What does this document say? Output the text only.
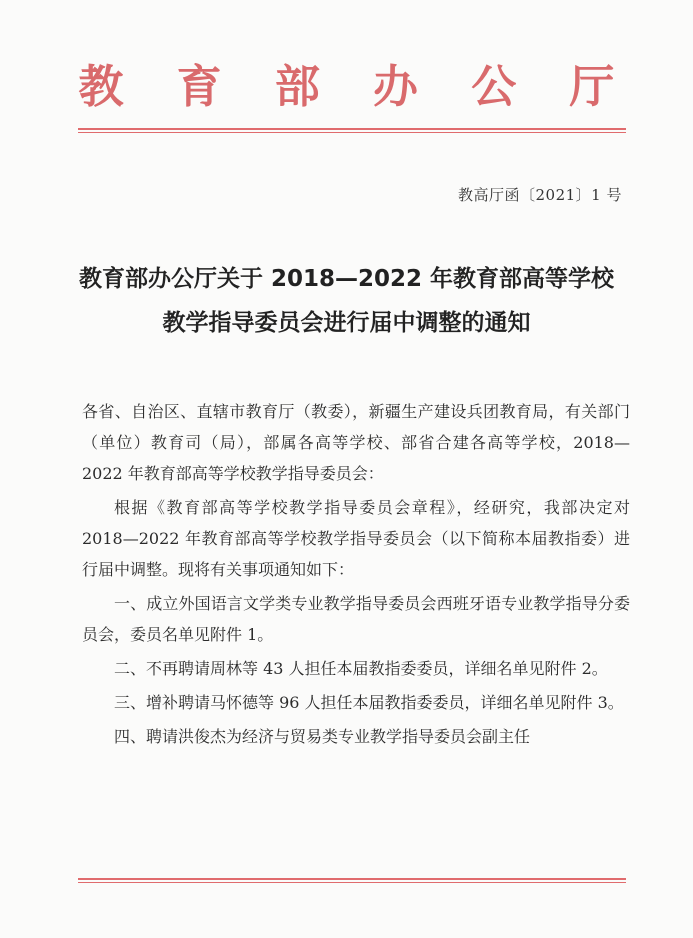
教 育 部 办 公 厅
教高厅函〔2021〕1 号
教育部办公厅关于 2018—2022 年教育部高等学校
教学指导委员会进行届中调整的通知

各省、自治区、直辖市教育厅（教委），新疆生产建设兵团教育局，有关部门（单位）教育司（局），部属各高等学校、部省合建各高等学校，2018—2022 年教育部高等学校教学指导委员会：

根据《教育部高等学校教学指导委员会章程》，经研究，我部决定对 2018—2022 年教育部高等学校教学指导委员会（以下简称本届教指委）进行届中调整。现将有关事项通知如下：

一、成立外国语言文学类专业教学指导委员会西班牙语专业教学指导分委员会，委员名单见附件 1。

二、不再聘请周林等 43 人担任本届教指委委员，详细名单见附件 2。

三、增补聘请马怀德等 96 人担任本届教指委委员，详细名单见附件 3。

四、聘请洪俊杰为经济与贸易类专业教学指导委员会副主任
